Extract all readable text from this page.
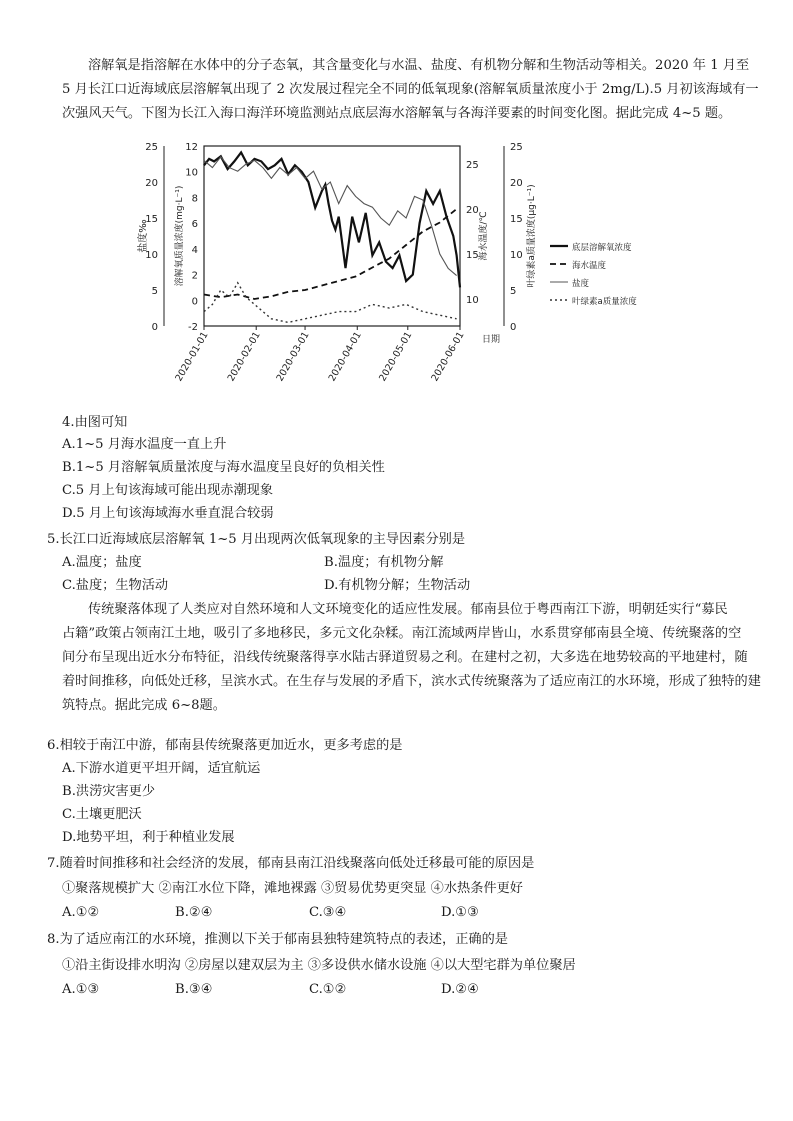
溶解氧是指溶解在水体中的分子态氧，其含量变化与水温、盐度、有机物分解和生物活动等相关。2020 年 1 月至
5 月长江口近海域底层溶解氧出现了 2 次发展过程完全不同的低氧现象(溶解氧质量浓度小于 2mg/L).5 月初该海域有一
次强风天气。下图为长江入海口海洋环境监测站点底层海水溶解氧与各海洋要素的时间变化图。据此完成 4~5 题。
0
5
10
15
20
25
盐度‰
-2
0
2
4
6
8
10
12
溶解氧质量浓度(mg·L⁻¹)
10
15
20
25
海水温度/℃
0
5
10
15
20
25
叶绿素a质量浓度(μg·L⁻¹)
2020-01-01 2020-02-01 2020-03-01 2020-04-01 2020-05-01 2020-06-01 日期
底层溶解氧浓度
海水温度
盐度
叶绿素a质量浓度
4.由图可知
A.1~5 月海水温度一直上升
B.1~5 月溶解氧质量浓度与海水温度呈良好的负相关性
C.5 月上旬该海域可能出现赤潮现象
D.5 月上旬该海域海水垂直混合较弱
5.长江口近海域底层溶解氧 1~5 月出现两次低氧现象的主导因素分别是
A.温度；盐度	B.温度；有机物分解
C.盐度；生物活动	D.有机物分解；生物活动
传统聚落体现了人类应对自然环境和人文环境变化的适应性发展。郁南县位于粤西南江下游，明朝廷实行“募民
占籍”政策占领南江土地，吸引了多地移民，多元文化杂糅。南江流域两岸皆山，水系贯穿郁南县全境、传统聚落的空
间分布呈现出近水分布特征，沿线传统聚落得享水陆古驿道贸易之利。在建村之初，大多选在地势较高的平地建村，随
着时间推移，向低处迁移，呈滨水式。在生存与发展的矛盾下，滨水式传统聚落为了适应南江的水环境，形成了独特的建
筑特点。据此完成 6~8题。
6.相较于南江中游，郁南县传统聚落更加近水，更多考虑的是
A.下游水道更平坦开阔，适宜航运
B.洪涝灾害更少
C.土壤更肥沃
D.地势平坦，利于种植业发展
7.随着时间推移和社会经济的发展，郁南县南江沿线聚落向低处迁移最可能的原因是
①聚落规模扩大 ②南江水位下降，滩地裸露 ③贸易优势更突显 ④水热条件更好
A.①②	B.②④	C.③④	D.①③
8.为了适应南江的水环境，推测以下关于郁南县独特建筑特点的表述，正确的是
①沿主街设排水明沟 ②房屋以建双层为主 ③多设供水储水设施 ④以大型宅群为单位聚居
A.①③	B.③④	C.①②	D.②④
